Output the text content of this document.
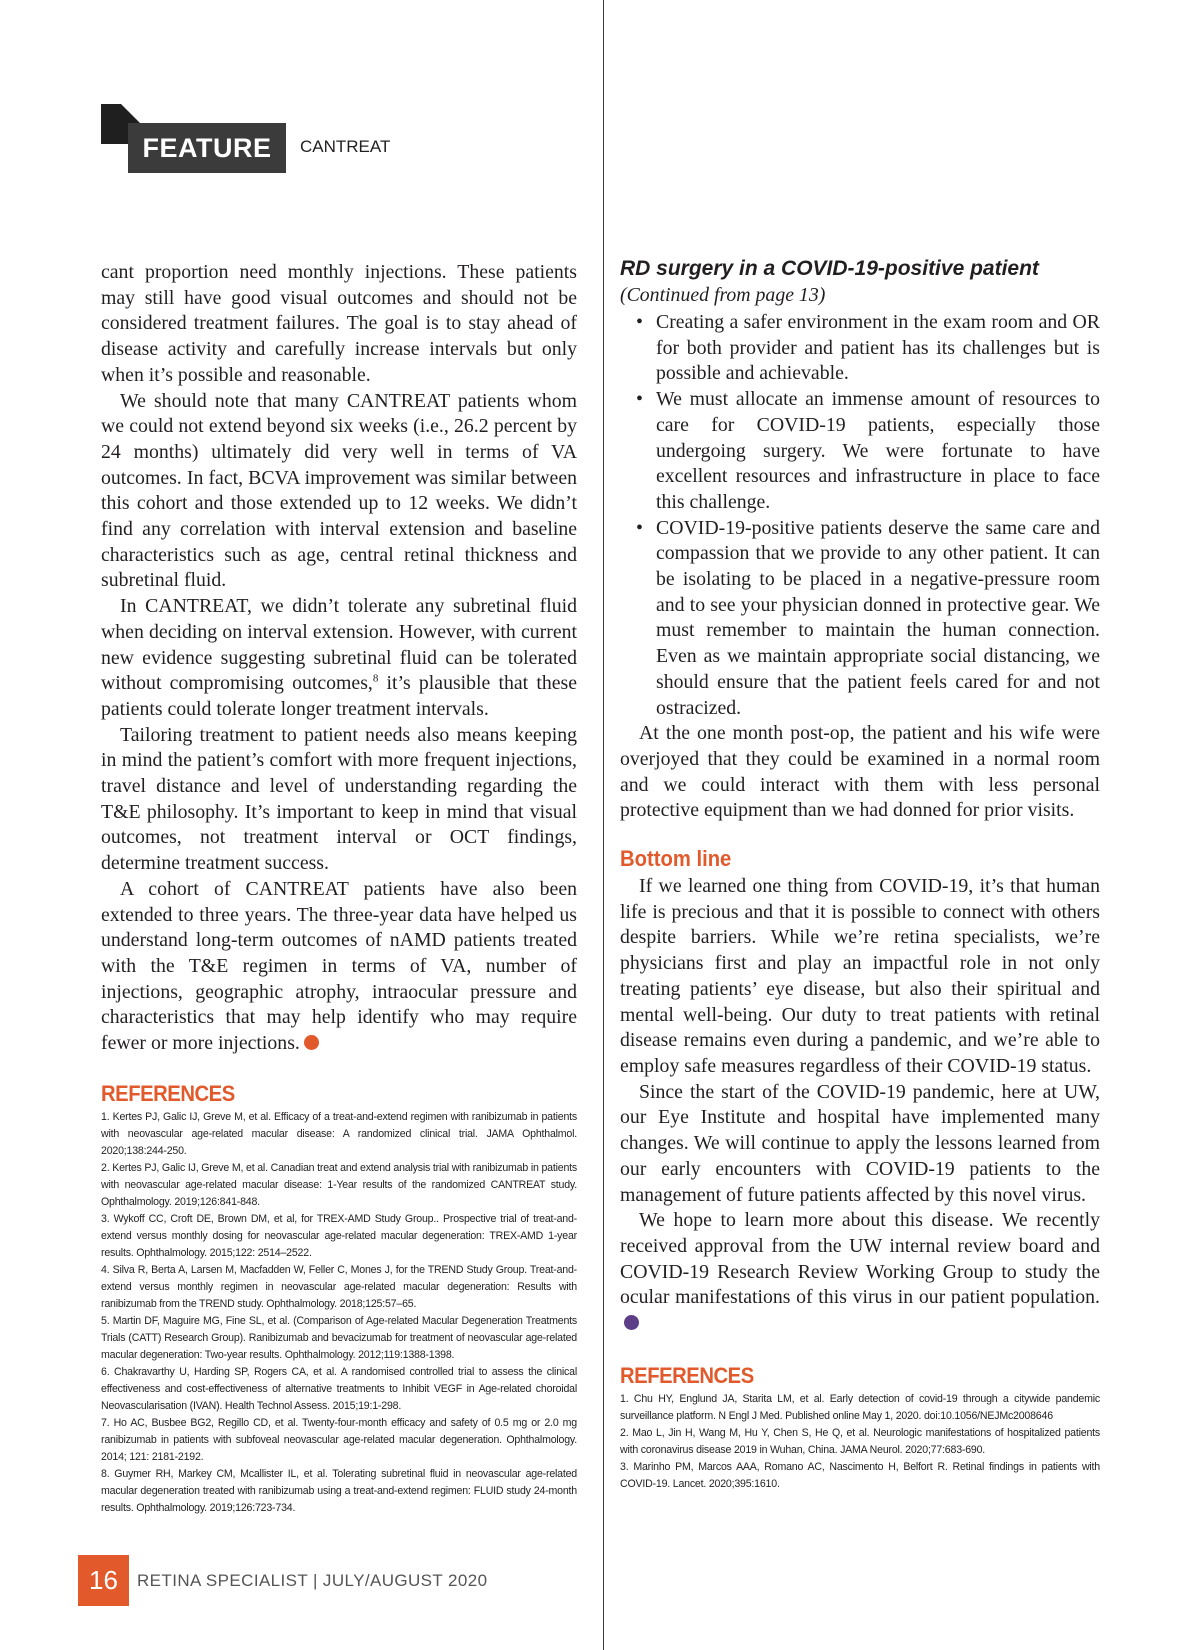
FEATURE	CANTREAT

cant proportion need monthly injections. These patients may still have good visual outcomes and should not be considered treatment failures. The goal is to stay ahead of disease activity and carefully increase intervals but only when it’s possible and reasonable.

We should note that many CANTREAT patients whom we could not extend beyond six weeks (i.e., 26.2 percent by 24 months) ultimately did very well in terms of VA outcomes. In fact, BCVA improvement was similar between this cohort and those extended up to 12 weeks. We didn’t find any correlation with interval extension and baseline characteristics such as age, central retinal thickness and subretinal fluid.

In CANTREAT, we didn’t tolerate any subretinal fluid when deciding on interval extension. However, with current new evidence suggesting subretinal fluid can be tolerated without compromising outcomes,$^8$ it’s plausible that these patients could tolerate longer treatment intervals.

Tailoring treatment to patient needs also means keeping in mind the patient’s comfort with more frequent injections, travel distance and level of understanding regarding the T&E philosophy. It’s important to keep in mind that visual outcomes, not treatment interval or OCT findings, determine treatment success.

A cohort of CANTREAT patients have also been extended to three years. The three-year data have helped us understand long-term outcomes of nAMD patients treated with the T&E regimen in terms of VA, number of injections, geographic atrophy, intraocular pressure and characteristics that may help identify who may require fewer or more injections.	RS

REFERENCES
1. Kertes PJ, Galic IJ, Greve M, et al. Efficacy of a treat-and-extend regimen with ranibizumab in patients with neovascular age-related macular disease: A randomized clinical trial. JAMA Ophthalmol. 2020;138:244-250.
2. Kertes PJ, Galic IJ, Greve M, et al. Canadian treat and extend analysis trial with ranibizumab in patients with neovascular age-related macular disease: 1-Year results of the randomized CANTREAT study. Ophthalmology. 2019;126:841-848.
3. Wykoff CC, Croft DE, Brown DM, et al, for TREX-AMD Study Group.. Prospective trial of treat-and-extend versus monthly dosing for neovascular age-related macular degeneration: TREX-AMD 1-year results. Ophthalmology. 2015;122: 2514–2522.
4. Silva R, Berta A, Larsen M, Macfadden W, Feller C, Mones J, for the TREND Study Group. Treat-and-extend versus monthly regimen in neovascular age-related macular degeneration: Results with ranibizumab from the TREND study. Ophthalmology. 2018;125:57–65.
5. Martin DF, Maguire MG, Fine SL, et al. (Comparison of Age-related Macular Degeneration Treatments Trials (CATT) Research Group). Ranibizumab and bevacizumab for treatment of neovascular age-related macular degeneration: Two-year results. Ophthalmology. 2012;119:1388-1398.
6. Chakravarthy U, Harding SP, Rogers CA, et al. A randomised controlled trial to assess the clinical effectiveness and cost-effectiveness of alternative treatments to Inhibit VEGF in Age-related choroidal Neovascularisation (IVAN). Health Technol Assess. 2015;19:1-298.
7. Ho AC, Busbee BG2, Regillo CD, et al. Twenty-four-month efficacy and safety of 0.5 mg or 2.0 mg ranibizumab in patients with subfoveal neovascular age-related macular degeneration. Ophthalmology. 2014; 121: 2181-2192.
8. Guymer RH, Markey CM, Mcallister IL, et al. Tolerating subretinal fluid in neovascular age-related macular degeneration treated with ranibizumab using a treat-and-extend regimen: FLUID study 24-month results. Ophthalmology. 2019;126:723-734.
RD surgery in a COVID-19-positive patient
(Continued from page 13)
• Creating a safer environment in the exam room and OR for both provider and patient has its challenges but is possible and achievable.
• We must allocate an immense amount of resources to care for COVID-19 patients, especially those undergoing surgery. We were fortunate to have excellent resources and infrastructure in place to face this challenge.
• COVID-19-positive patients deserve the same care and compassion that we provide to any other patient. It can be isolating to be placed in a negative-pressure room and to see your physician donned in protective gear. We must remember to maintain the human connection. Even as we maintain appropriate social distancing, we should ensure that the patient feels cared for and not ostracized.

At the one month post-op, the patient and his wife were overjoyed that they could be examined in a normal room and we could interact with them with less personal protective equipment than we had donned for prior visits.

Bottom line

If we learned one thing from COVID-19, it’s that human life is precious and that it is possible to connect with others despite barriers. While we’re retina specialists, we’re physicians first and play an impactful role in not only treating patients’ eye disease, but also their spiritual and mental well-being. Our duty to treat patients with retinal disease remains even during a pandemic, and we’re able to employ safe measures regardless of their COVID-19 status.

Since the start of the COVID-19 pandemic, here at UW, our Eye Institute and hospital have implemented many changes. We will continue to apply the lessons learned from our early encounters with COVID-19 patients to the management of future patients affected by this novel virus.

We hope to learn more about this disease. We recently received approval from the UW internal review board and COVID-19 Research Review Working Group to study the ocular manifestations of this virus in our patient population.RS

REFERENCES
1. Chu HY, Englund JA, Starita LM, et al. Early detection of covid-19 through a citywide pandemic surveillance platform. N Engl J Med. Published online May 1, 2020. doi:10.1056/NEJMc2008646
2. Mao L, Jin H, Wang M, Hu Y, Chen S, He Q, et al. Neurologic manifestations of hospitalized patients with coronavirus disease 2019 in Wuhan, China. JAMA Neurol. 2020;77:683-690.
3. Marinho PM, Marcos AAA, Romano AC, Nascimento H, Belfort R. Retinal findings in patients with COVID-19. Lancet. 2020;395:1610.
16	RETINA SPECIALIST | JULY/AUGUST 2020
